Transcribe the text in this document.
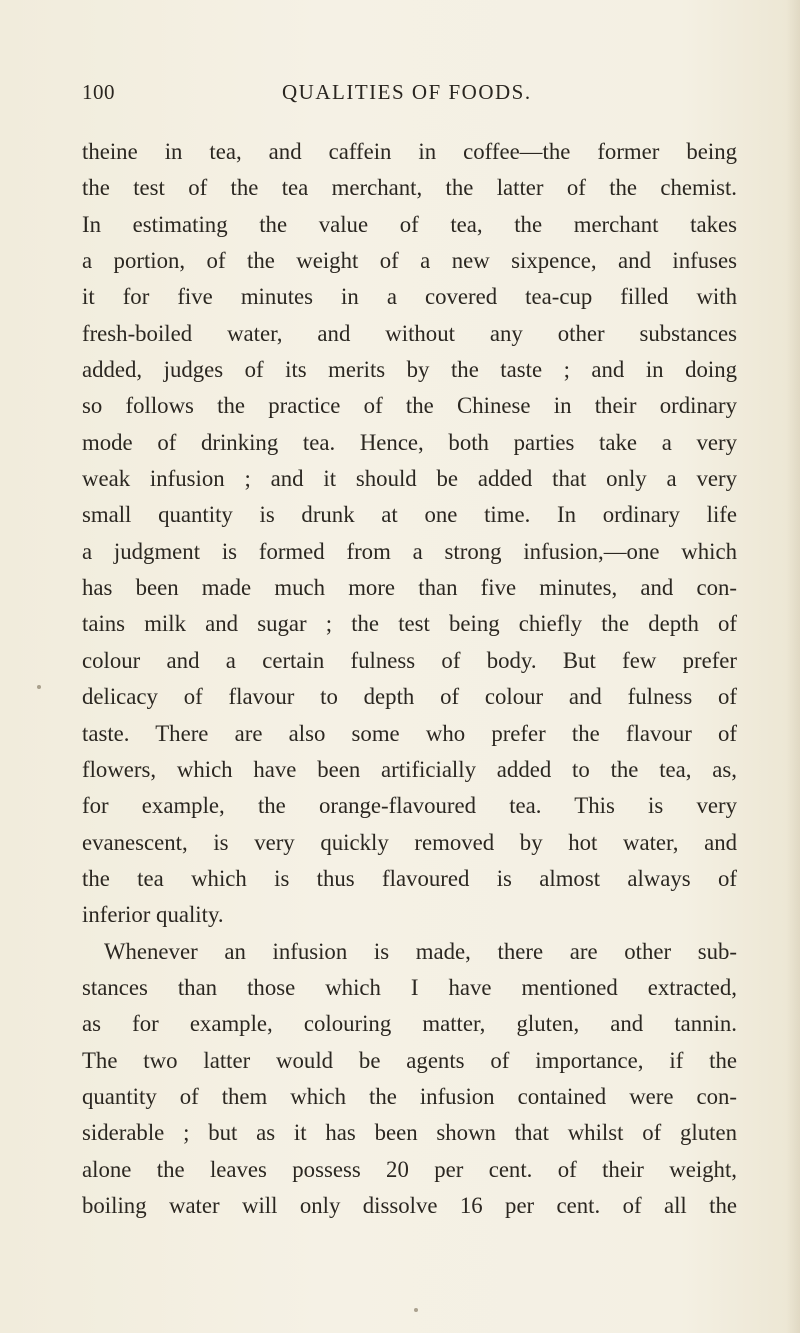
100	QUALITIES OF FOODS.
theine in tea, and caffein in coffee—the former being
the test of the tea merchant, the latter of the chemist.
In estimating the value of tea, the merchant takes
a portion, of the weight of a new sixpence, and infuses
it for five minutes in a covered tea-cup filled with
fresh-boiled water, and without any other substances
added, judges of its merits by the taste ; and in doing
so follows the practice of the Chinese in their ordinary
mode of drinking tea. Hence, both parties take a very
weak infusion ; and it should be added that only a very
small quantity is drunk at one time. In ordinary life
a judgment is formed from a strong infusion,—one which
has been made much more than five minutes, and con-
tains milk and sugar ; the test being chiefly the depth of
colour and a certain fulness of body. But few prefer
delicacy of flavour to depth of colour and fulness of
taste. There are also some who prefer the flavour of
flowers, which have been artificially added to the tea, as,
for example, the orange-flavoured tea. This is very
evanescent, is very quickly removed by hot water, and
the tea which is thus flavoured is almost always of
inferior quality.
Whenever an infusion is made, there are other sub-
stances than those which I have mentioned extracted,
as for example, colouring matter, gluten, and tannin.
The two latter would be agents of importance, if the
quantity of them which the infusion contained were con-
siderable ; but as it has been shown that whilst of gluten
alone the leaves possess 20 per cent. of their weight,
boiling water will only dissolve 16 per cent. of all the
